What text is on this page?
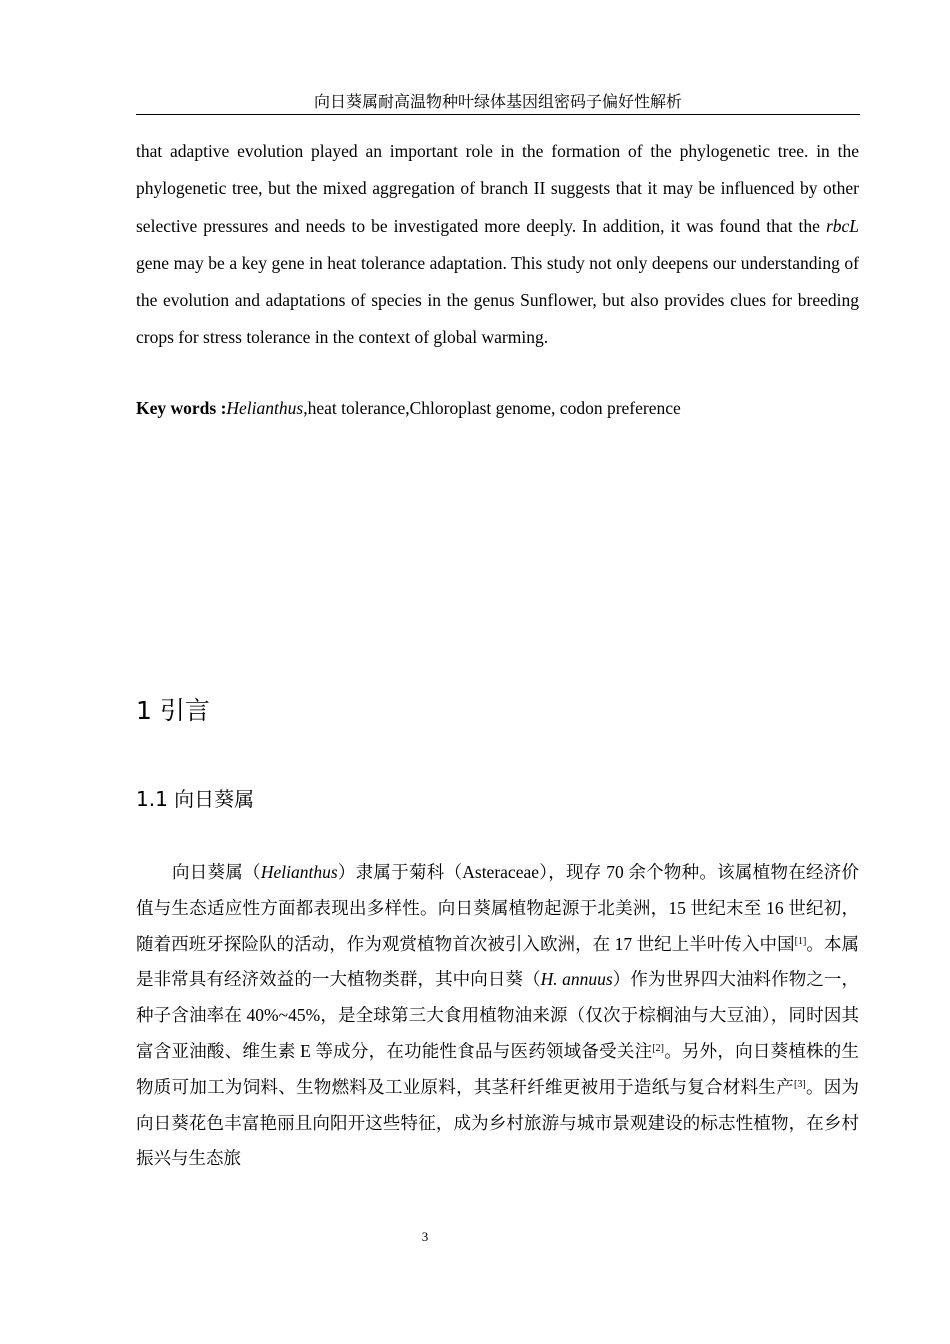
向日葵属耐高温物种叶绿体基因组密码子偏好性解析

that adaptive evolution played an important role in the formation of the phylogenetic tree. in the phylogenetic tree, but the mixed aggregation of branch II suggests that it may be influenced by other selective pressures and needs to be investigated more deeply. In addition, it was found that the rbcL gene may be a key gene in heat tolerance adaptation. This study not only deepens our understanding of the evolution and adaptations of species in the genus Sunflower, but also provides clues for breeding crops for stress tolerance in the context of global warming.

Key words :Helianthus,heat tolerance,Chloroplast genome, codon preference

1 引言
1.1 向日葵属

向日葵属（Helianthus）隶属于菊科（Asteraceae），现存 70 余个物种。该属植物在经济价值与生态适应性方面都表现出多样性。向日葵属植物起源于北美洲，15 世纪末至 16 世纪初，随着西班牙探险队的活动，作为观赏植物首次被引入欧洲，在 17 世纪上半叶传入中国[1]。本属是非常具有经济效益的一大植物类群，其中向日葵（H. annuus）作为世界四大油料作物之一，种子含油率在 40%~45%，是全球第三大食用植物油来源（仅次于棕榈油与大豆油），同时因其富含亚油酸、维生素 E 等成分，在功能性食品与医药领域备受关注[2]。另外，向日葵植株的生物质可加工为饲料、生物燃料及工业原料，其茎秆纤维更被用于造纸与复合材料生产[3]。因为向日葵花色丰富艳丽且向阳开这些特征，成为乡村旅游与城市景观建设的标志性植物，在乡村振兴与生态旅

3
